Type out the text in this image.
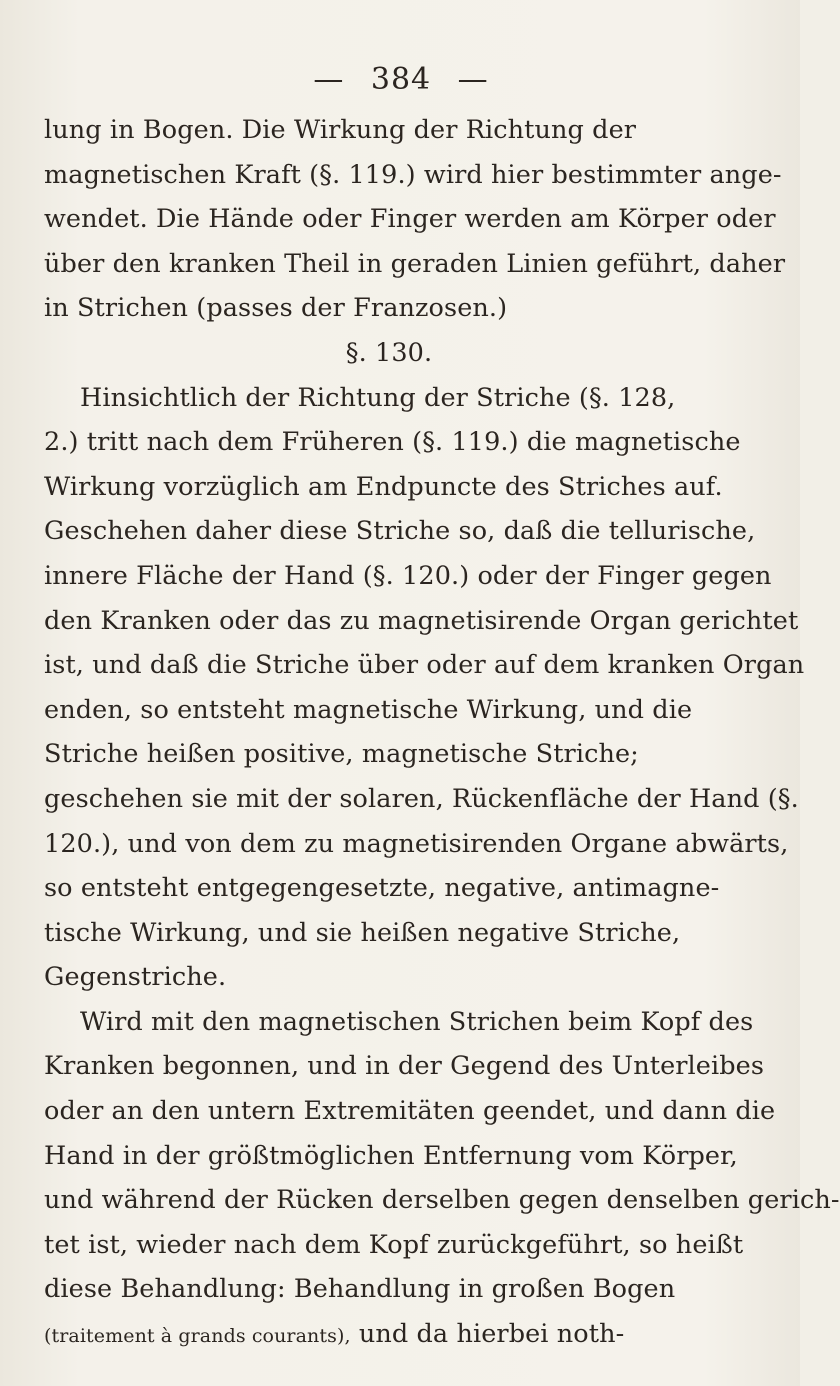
— 384 —
lung in Bogen. Die Wirkung der Richtung der
magnetischen Kraft (§. 119.) wird hier bestimmter ange-
wendet. Die Hände oder Finger werden am Körper oder
über den kranken Theil in geraden Linien geführt, daher
in Strichen (passes der Franzosen.)
§. 130.
Hinsichtlich der Richtung der Striche (§. 128,
2.) tritt nach dem Früheren (§. 119.) die magnetische
Wirkung vorzüglich am Endpuncte des Striches auf.
Geschehen daher diese Striche so, daß die tellurische,
innere Fläche der Hand (§. 120.) oder der Finger gegen
den Kranken oder das zu magnetisirende Organ gerichtet
ist, und daß die Striche über oder auf dem kranken Organ
enden, so entsteht magnetische Wirkung, und die
Striche heißen positive, magnetische Striche;
geschehen sie mit der solaren, Rückenfläche der Hand (§.
120.), und von dem zu magnetisirenden Organe abwärts,
so entsteht entgegengesetzte, negative, antimagne-
tische Wirkung, und sie heißen negative Striche,
Gegenstriche.
Wird mit den magnetischen Strichen beim Kopf des
Kranken begonnen, und in der Gegend des Unterleibes
oder an den untern Extremitäten geendet, und dann die
Hand in der größtmöglichen Entfernung vom Körper,
und während der Rücken derselben gegen denselben gerich-
tet ist, wieder nach dem Kopf zurückgeführt, so heißt
diese Behandlung: Behandlung in großen Bogen
(traitement à grands courants), und da hierbei noth-
